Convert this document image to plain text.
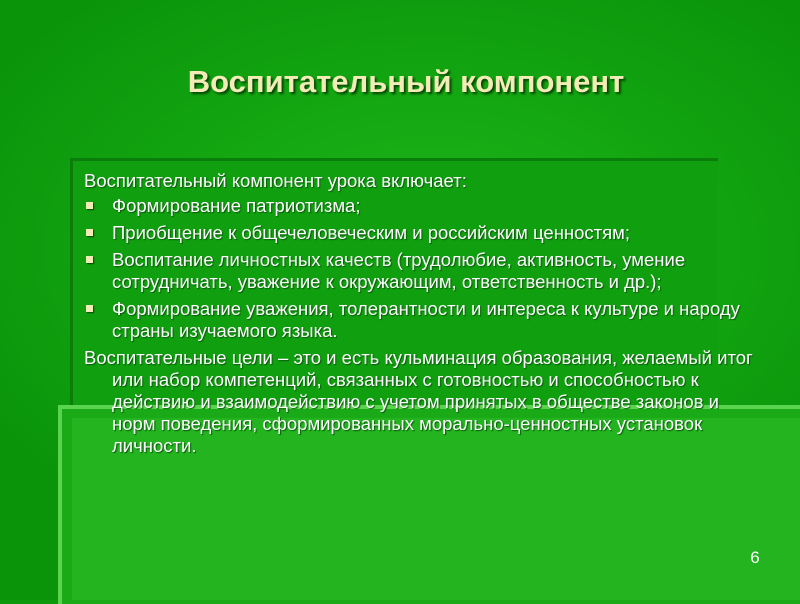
Воспитательный компонент

Воспитательный компонент урока включает:

Формирование патриотизма;
Приобщение к общечеловеческим и российским ценностям;
Воспитание личностных качеств (трудолюбие, активность, умение сотрудничать, уважение к окружающим, ответственность и др.);
Формирование уважения, толерантности и интереса к культуре и народу страны изучаемого языка.

Воспитательные цели – это и есть кульминация образования, желаемый итог или набор компетенций, связанных с готовностью и способностью к действию и взаимодействию с учетом принятых в обществе законов и норм поведения, сформированных морально-ценностных установок личности.

6
